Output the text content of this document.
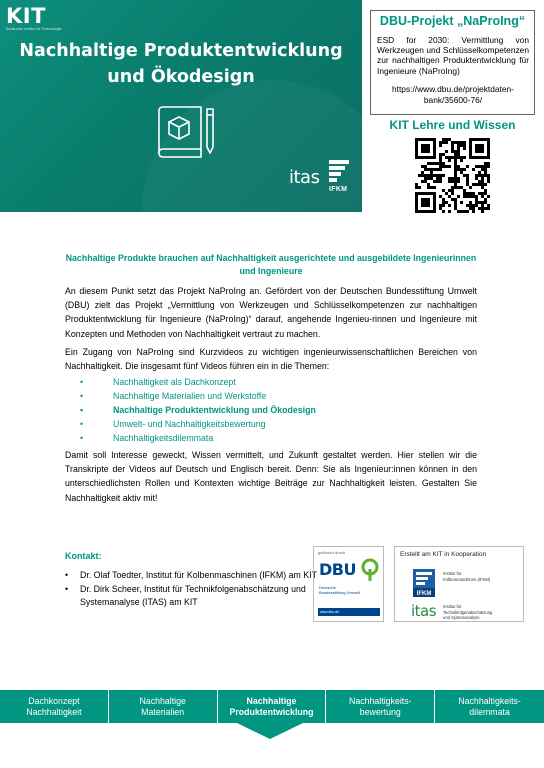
KIT
Karlsruher Institut für Technologie
Nachhaltige Produktentwicklung
und Ökodesign
itas
IFKM
DBU-Projekt „NaProIng“
ESD for 2030: Vermittlung von Werkzeugen und Schlüsselkompetenzen zur nachhaltigen Produktentwicklung für Ingenieure (NaProIng)
https://www.dbu.de/projektdaten-bank/35600-76/
KIT Lehre und Wissen
Nachhaltige Produkte brauchen auf Nachhaltigkeit ausgerichtete und ausgebildete Ingenieurinnen und Ingenieure
An diesem Punkt setzt das Projekt NaProIng an. Gefördert von der Deutschen Bundesstiftung Umwelt (DBU) zielt das Projekt „Vermittlung von Werkzeugen und Schlüsselkompetenzen zur nachhaltigen Produktentwicklung für Ingenieure (NaProIng)“ darauf, angehende Ingenieu-rinnen und Ingenieure mit Konzepten und Methoden von Nachhaltigkeit vertraut zu machen.
Ein Zugang von NaProIng sind Kurzvideos zu wichtigen ingenieurwissenschaftlichen Bereichen von Nachhaltigkeit. Die insgesamt fünf Videos führen ein in die Themen:
•	Nachhaltigkeit als Dachkonzept
•	Nachhaltige Materialien und Werkstoffe
•	Nachhaltige Produktentwicklung und Ökodesign
•	Umwelt- und Nachhaltigkeitsbewertung
•	Nachhaltigkeitsdilemmata
Damit soll Interesse geweckt, Wissen vermittelt, und Zukunft gestaltet werden. Hier stellen wir die Transkripte der Videos auf Deutsch und Englisch bereit. Denn: Sie als Ingenieur:innen können in den unterschiedlichsten Rollen und Kontexten wichtige Beiträge zur Nachhaltigkeit leisten. Gestalten Sie Nachhaltigkeit aktiv mit!
Kontakt:
• Dr. Olaf Toedter, Institut für Kolbenmaschinen (IFKM) am KIT
• Dr. Dirk Scheer, Institut für Technikfolgenabschätzung und Systemanalyse (ITAS) am KIT
gefördert durch
DBU
Deutsche
Bundesstiftung Umwelt
www.dbu.de
Erstellt am KIT in Kooperation
IFKM
Institut für
Kolbenmaschinen (IFKM)
itas Institut für
Technikfolgenabschätzung
und Systemanalyse
Dachkonzept Nachhaltigkeit
Nachhaltige Materialien
Nachhaltige Produktentwicklung
Nachhaltigkeits-bewertung
Nachhaltigkeits-dilemmata
